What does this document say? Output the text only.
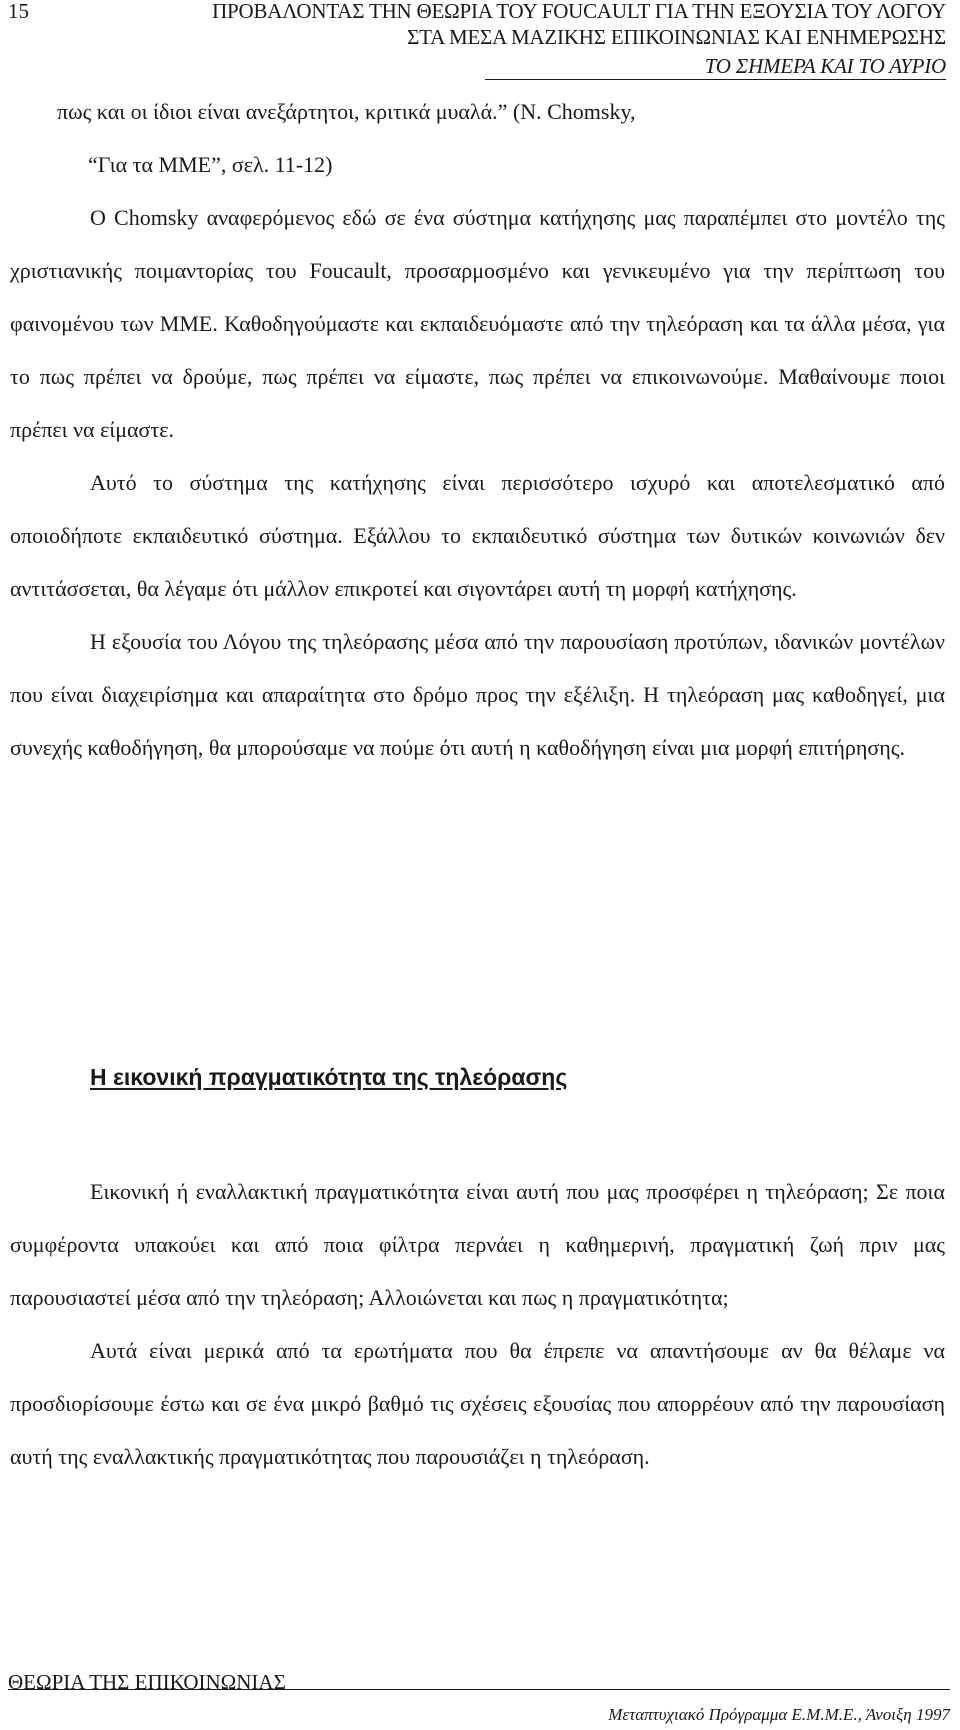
15	ΠΡΟΒΑΛΟΝΤΑΣ ΤΗΝ ΘΕΩΡΙΑ ΤΟΥ FOUCAULT ΓΙΑ ΤΗΝ ΕΞΟΥΣΙΑ ΤΟΥ ΛΟΓΟΥ
ΣΤΑ ΜΕΣΑ ΜΑΖΙΚΗΣ ΕΠΙΚΟΙΝΩΝΙΑΣ ΚΑΙ ΕΝΗΜΕΡΩΣΗΣ
ΤΟ ΣΗΜΕΡΑ ΚΑΙ ΤΟ ΑΥΡΙΟ

πως και οι ίδιοι είναι ανεξάρτητοι, κριτικά μυαλά.” (N. Chomsky,

“Για τα ΜΜΕ”, σελ. 11-12)

Ο Chomsky αναφερόμενος εδώ σε ένα σύστημα κατήχησης μας παραπέμπει στο μοντέλο της χριστιανικής ποιμαντορίας του Foucault, προσαρμοσμένο και γενικευμένο για την περίπτωση του φαινομένου των ΜΜΕ. Καθοδηγούμαστε και εκπαιδευόμαστε από την τηλεόραση και τα άλλα μέσα, για το πως πρέπει να δρούμε, πως πρέπει να είμαστε, πως πρέπει να επικοινωνούμε. Μαθαίνουμε ποιοι πρέπει να είμαστε.

Αυτό το σύστημα της κατήχησης είναι περισσότερο ισχυρό και αποτελεσματικό από οποιοδήποτε εκπαιδευτικό σύστημα. Εξάλλου το εκπαιδευτικό σύστημα των δυτικών κοινωνιών δεν αντιτάσσεται, θα λέγαμε ότι μάλλον επικροτεί και σιγοντάρει αυτή τη μορφή κατήχησης.

Η εξουσία του Λόγου της τηλεόρασης μέσα από την παρουσίαση προτύπων, ιδανικών μοντέλων που είναι διαχειρίσημα και απαραίτητα στο δρόμο προς την εξέλιξη. Η τηλεόραση μας καθοδηγεί, μια συνεχής καθοδήγηση, θα μπορούσαμε να πούμε ότι αυτή η καθοδήγηση είναι μια μορφή επιτήρησης.

Η εικονική πραγματικότητα της τηλεόρασης

Εικονική ή εναλλακτική πραγματικότητα είναι αυτή που μας προσφέρει η τηλεόραση; Σε ποια συμφέροντα υπακούει και από ποια φίλτρα περνάει η καθημερινή, πραγματική ζωή πριν μας παρουσιαστεί μέσα από την τηλεόραση; Αλλοιώνεται και πως η πραγματικότητα;

Αυτά είναι μερικά από τα ερωτήματα που θα έπρεπε να απαντήσουμε αν θα θέλαμε να προσδιορίσουμε έστω και σε ένα μικρό βαθμό τις σχέσεις εξουσίας που απορρέουν από την παρουσίαση αυτή της εναλλακτικής πραγματικότητας που παρουσιάζει η τηλεόραση.

ΘΕΩΡΙΑ ΤΗΣ ΕΠΙΚΟΙΝΩΝΙΑΣ
Μεταπτυχιακό Πρόγραμμα Ε.Μ.Μ.Ε., Άνοιξη 1997
